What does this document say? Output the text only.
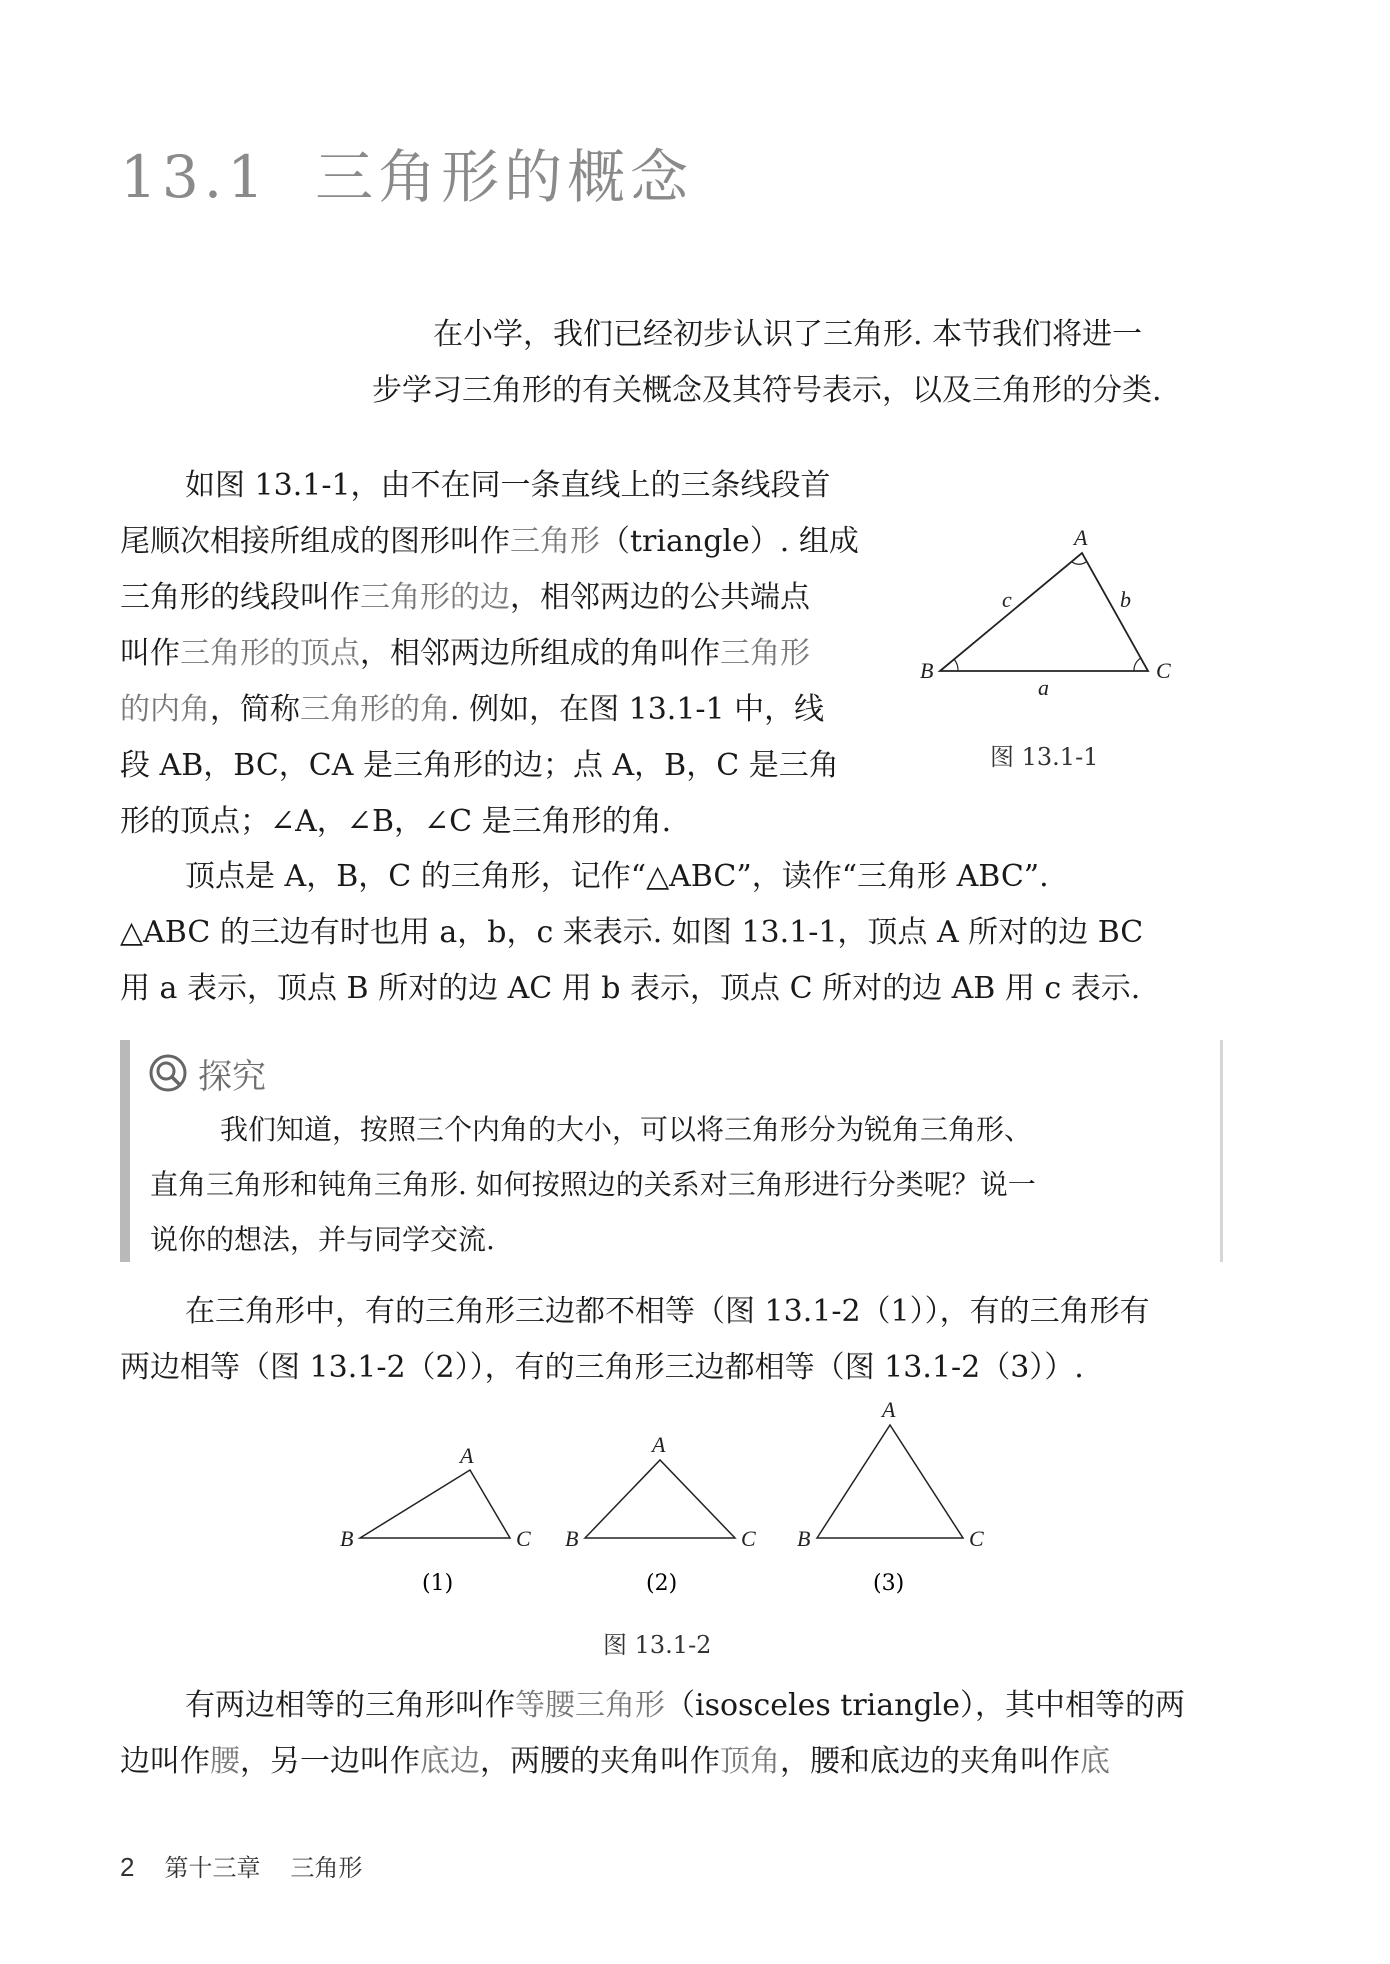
13.1 三角形的概念
在小学，我们已经初步认识了三角形. 本节我们将进一
步学习三角形的有关概念及其符号表示，以及三角形的分类.
如图 13.1-1，由不在同一条直线上的三条线段首
尾顺次相接所组成的图形叫作三角形（triangle）. 组成
三角形的线段叫作三角形的边，相邻两边的公共端点
叫作三角形的顶点，相邻两边所组成的角叫作三角形
的内角，简称三角形的角. 例如，在图 13.1-1 中，线
段 AB，BC，CA 是三角形的边；点 A，B，C 是三角
形的顶点；∠A，∠B，∠C 是三角形的角.
A
B	C
a
b
c
图 13.1-1
顶点是 A，B，C 的三角形，记作“△ABC”，读作“三角形 ABC”.
△ABC 的三边有时也用 a，b，c 来表示. 如图 13.1-1，顶点 A 所对的边 BC
用 a 表示，顶点 B 所对的边 AC 用 b 表示，顶点 C 所对的边 AB 用 c 表示.
探究
我们知道，按照三个内角的大小，可以将三角形分为锐角三角形、
直角三角形和钝角三角形. 如何按照边的关系对三角形进行分类呢？说一
说你的想法，并与同学交流.
在三角形中，有的三角形三边都不相等（图 13.1-2（1）），有的三角形有
两边相等（图 13.1-2（2）），有的三角形三边都相等（图 13.1-2（3））.
A
B	C
(1)
A
B	C
(2)
A
B	C
(3)
图 13.1-2
有两边相等的三角形叫作等腰三角形（isosceles triangle），其中相等的两
边叫作腰，另一边叫作底边，两腰的夹角叫作顶角，腰和底边的夹角叫作底
2 第十三章 三角形
